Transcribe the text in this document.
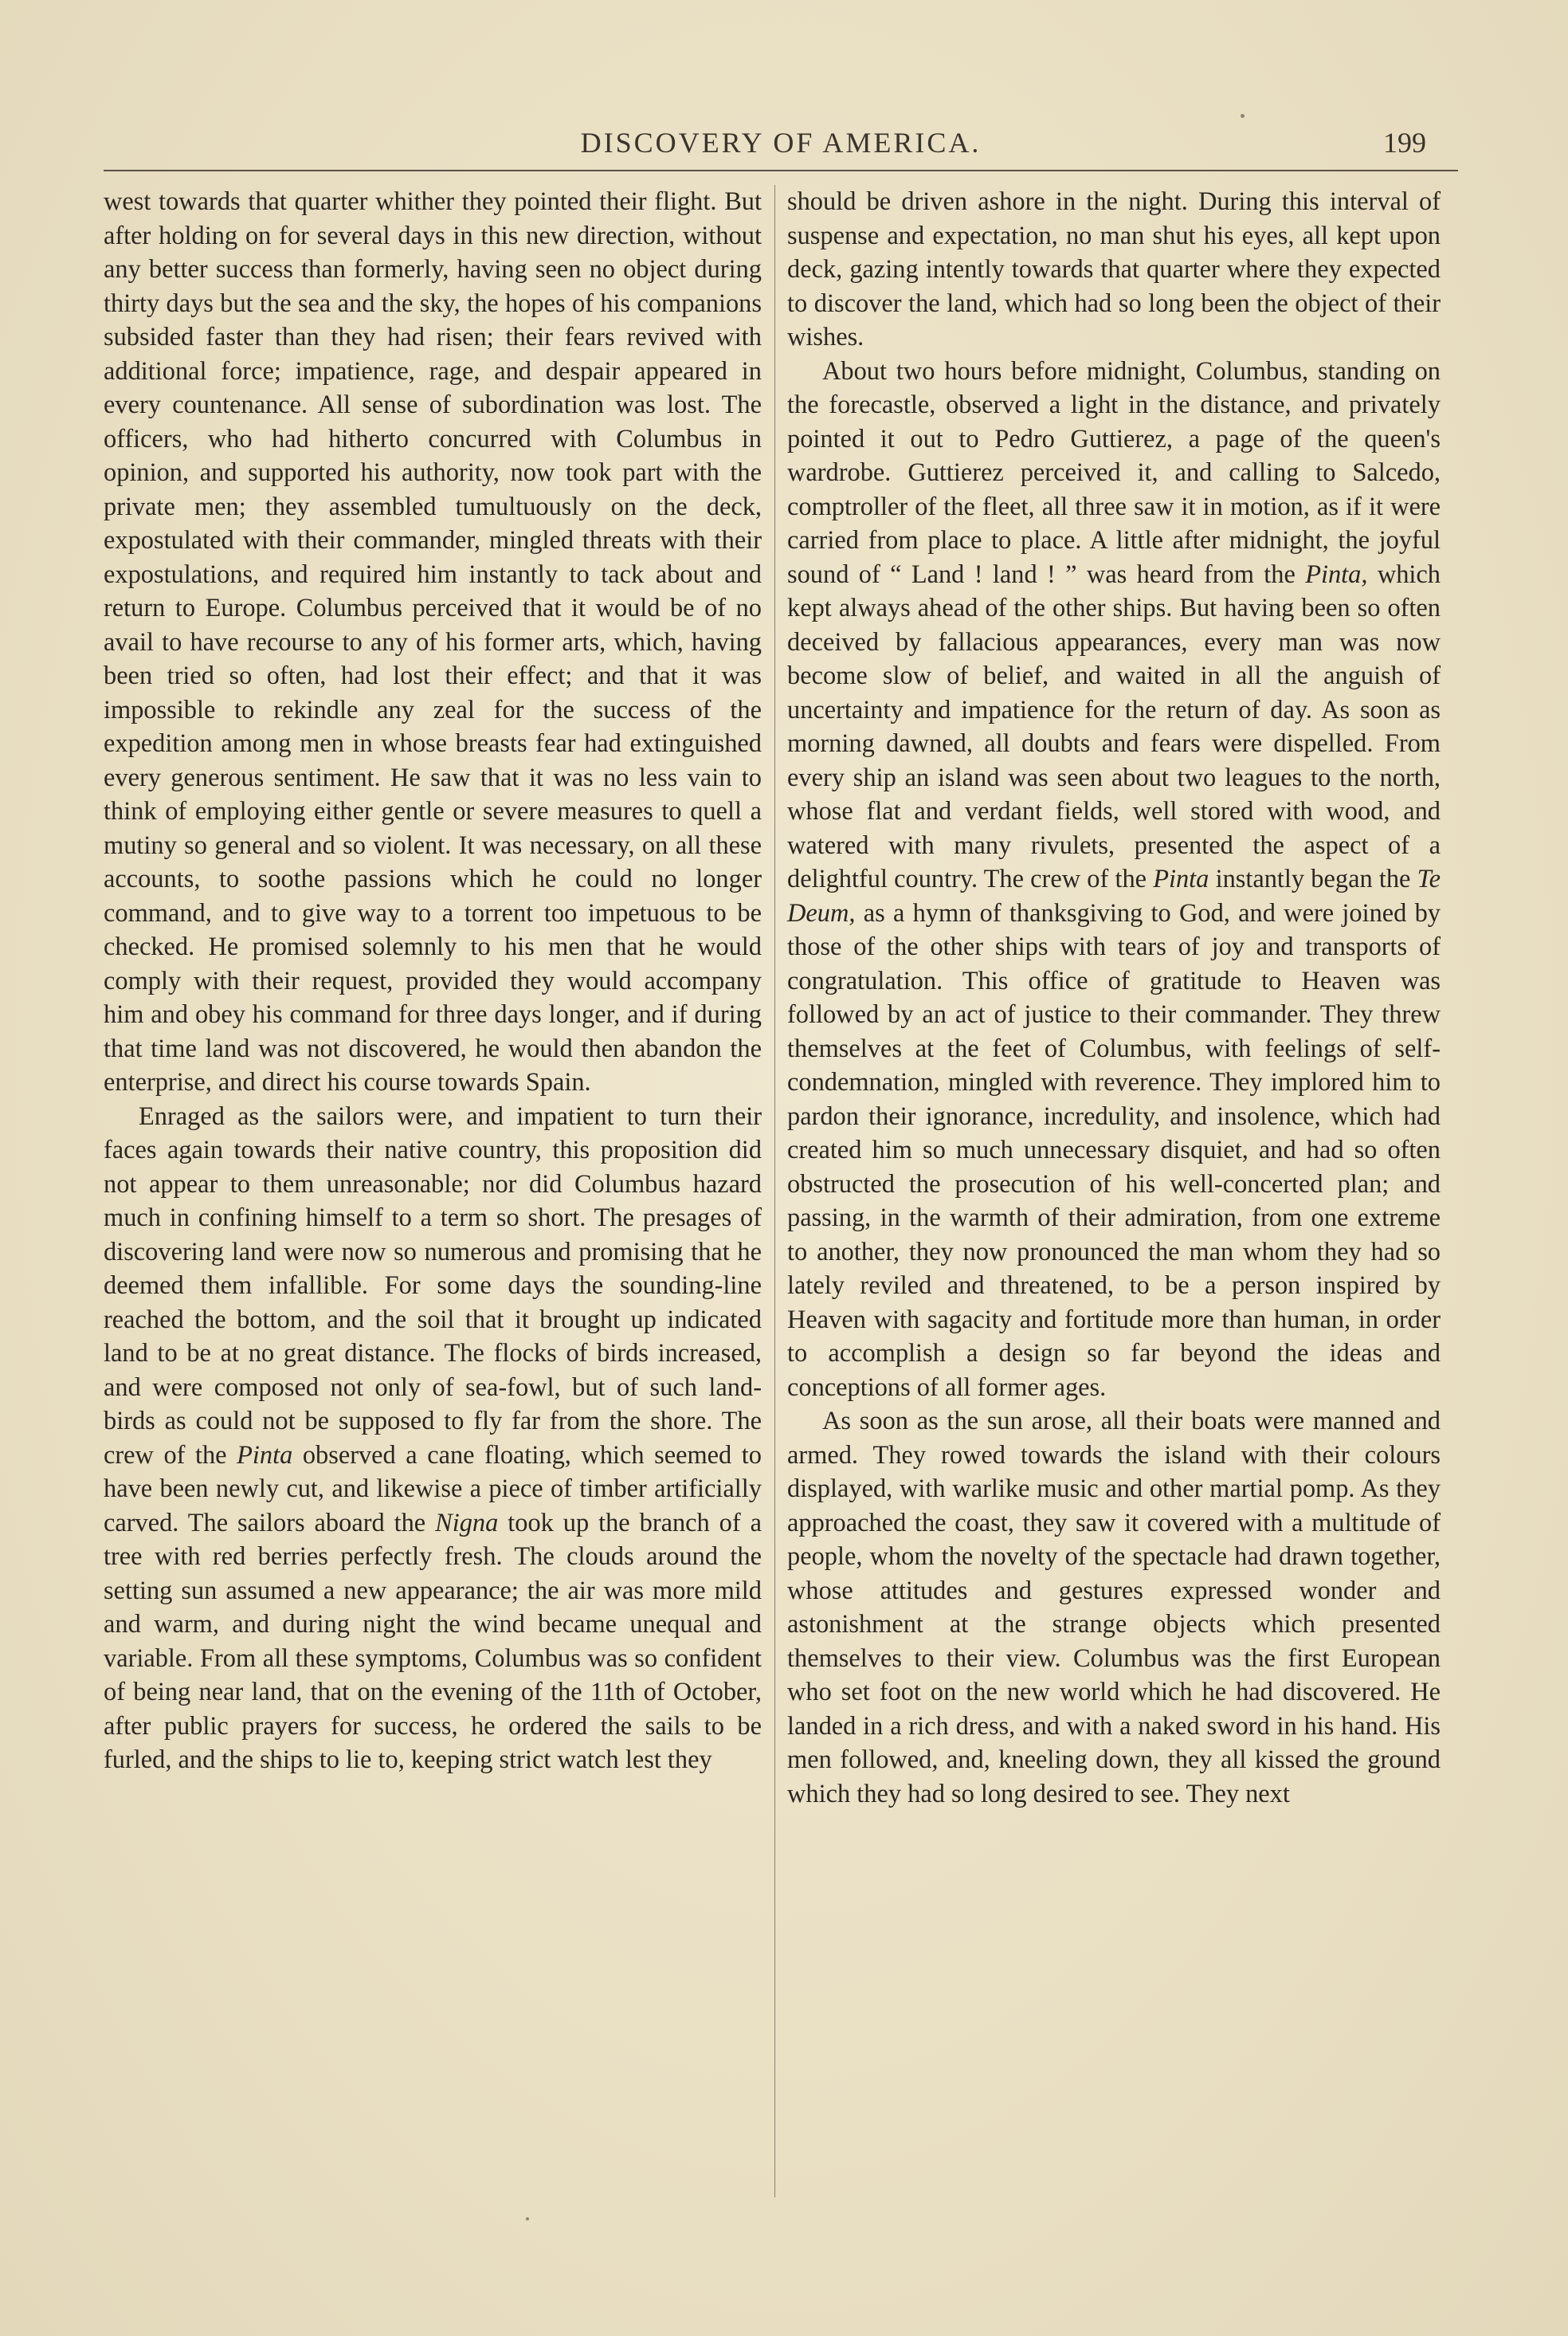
DISCOVERY OF AMERICA.	199

west towards that quarter whither they pointed their flight. But after holding on for several days in this new direction, without any better success than formerly, having seen no object during thirty days but the sea and the sky, the hopes of his companions subsided faster than they had risen; their fears revived with additional force; impatience, rage, and despair appeared in every countenance. All sense of subordination was lost. The officers, who had hitherto concurred with Columbus in opinion, and supported his authority, now took part with the private men; they assembled tumultuously on the deck, expostulated with their commander, mingled threats with their expostulations, and required him instantly to tack about and return to Europe. Columbus perceived that it would be of no avail to have recourse to any of his former arts, which, having been tried so often, had lost their effect; and that it was impossible to rekindle any zeal for the success of the expedition among men in whose breasts fear had extinguished every generous sentiment. He saw that it was no less vain to think of employing either gentle or severe measures to quell a mutiny so general and so violent. It was necessary, on all these accounts, to soothe passions which he could no longer command, and to give way to a torrent too impetuous to be checked. He promised solemnly to his men that he would comply with their request, provided they would accompany him and obey his command for three days longer, and if during that time land was not discovered, he would then abandon the enterprise, and direct his course towards Spain.

Enraged as the sailors were, and impatient to turn their faces again towards their native country, this proposition did not appear to them unreasonable; nor did Columbus hazard much in confining himself to a term so short. The presages of discovering land were now so numerous and promising that he deemed them infallible. For some days the sounding-line reached the bottom, and the soil that it brought up indicated land to be at no great distance. The flocks of birds increased, and were composed not only of sea-fowl, but of such land-birds as could not be supposed to fly far from the shore. The crew of the Pinta observed a cane floating, which seemed to have been newly cut, and likewise a piece of timber artificially carved. The sailors aboard the Nigna took up the branch of a tree with red berries perfectly fresh. The clouds around the setting sun assumed a new appearance; the air was more mild and warm, and during night the wind became unequal and variable. From all these symptoms, Columbus was so confident of being near land, that on the evening of the 11th of October, after public prayers for success, he ordered the sails to be furled, and the ships to lie to, keeping strict watch lest they

should be driven ashore in the night. During this interval of suspense and expectation, no man shut his eyes, all kept upon deck, gazing intently towards that quarter where they expected to discover the land, which had so long been the object of their wishes.

About two hours before midnight, Columbus, standing on the forecastle, observed a light in the distance, and privately pointed it out to Pedro Guttierez, a page of the queen's wardrobe. Guttierez perceived it, and calling to Salcedo, comptroller of the fleet, all three saw it in motion, as if it were carried from place to place. A little after midnight, the joyful sound of “ Land ! land ! ” was heard from the Pinta, which kept always ahead of the other ships. But having been so often deceived by fallacious appearances, every man was now become slow of belief, and waited in all the anguish of uncertainty and impatience for the return of day. As soon as morning dawned, all doubts and fears were dispelled. From every ship an island was seen about two leagues to the north, whose flat and verdant fields, well stored with wood, and watered with many rivulets, presented the aspect of a delightful country. The crew of the Pinta instantly began the Te Deum, as a hymn of thanksgiving to God, and were joined by those of the other ships with tears of joy and transports of congratulation. This office of gratitude to Heaven was followed by an act of justice to their commander. They threw themselves at the feet of Columbus, with feelings of self-condemnation, mingled with reverence. They implored him to pardon their ignorance, incredulity, and insolence, which had created him so much unnecessary disquiet, and had so often obstructed the prosecution of his well-concerted plan; and passing, in the warmth of their admiration, from one extreme to another, they now pronounced the man whom they had so lately reviled and threatened, to be a person inspired by Heaven with sagacity and fortitude more than human, in order to accomplish a design so far beyond the ideas and conceptions of all former ages.

As soon as the sun arose, all their boats were manned and armed. They rowed towards the island with their colours displayed, with warlike music and other martial pomp. As they approached the coast, they saw it covered with a multitude of people, whom the novelty of the spectacle had drawn together, whose attitudes and gestures expressed wonder and astonishment at the strange objects which presented themselves to their view. Columbus was the first European who set foot on the new world which he had discovered. He landed in a rich dress, and with a naked sword in his hand. His men followed, and, kneeling down, they all kissed the ground which they had so long desired to see. They next
